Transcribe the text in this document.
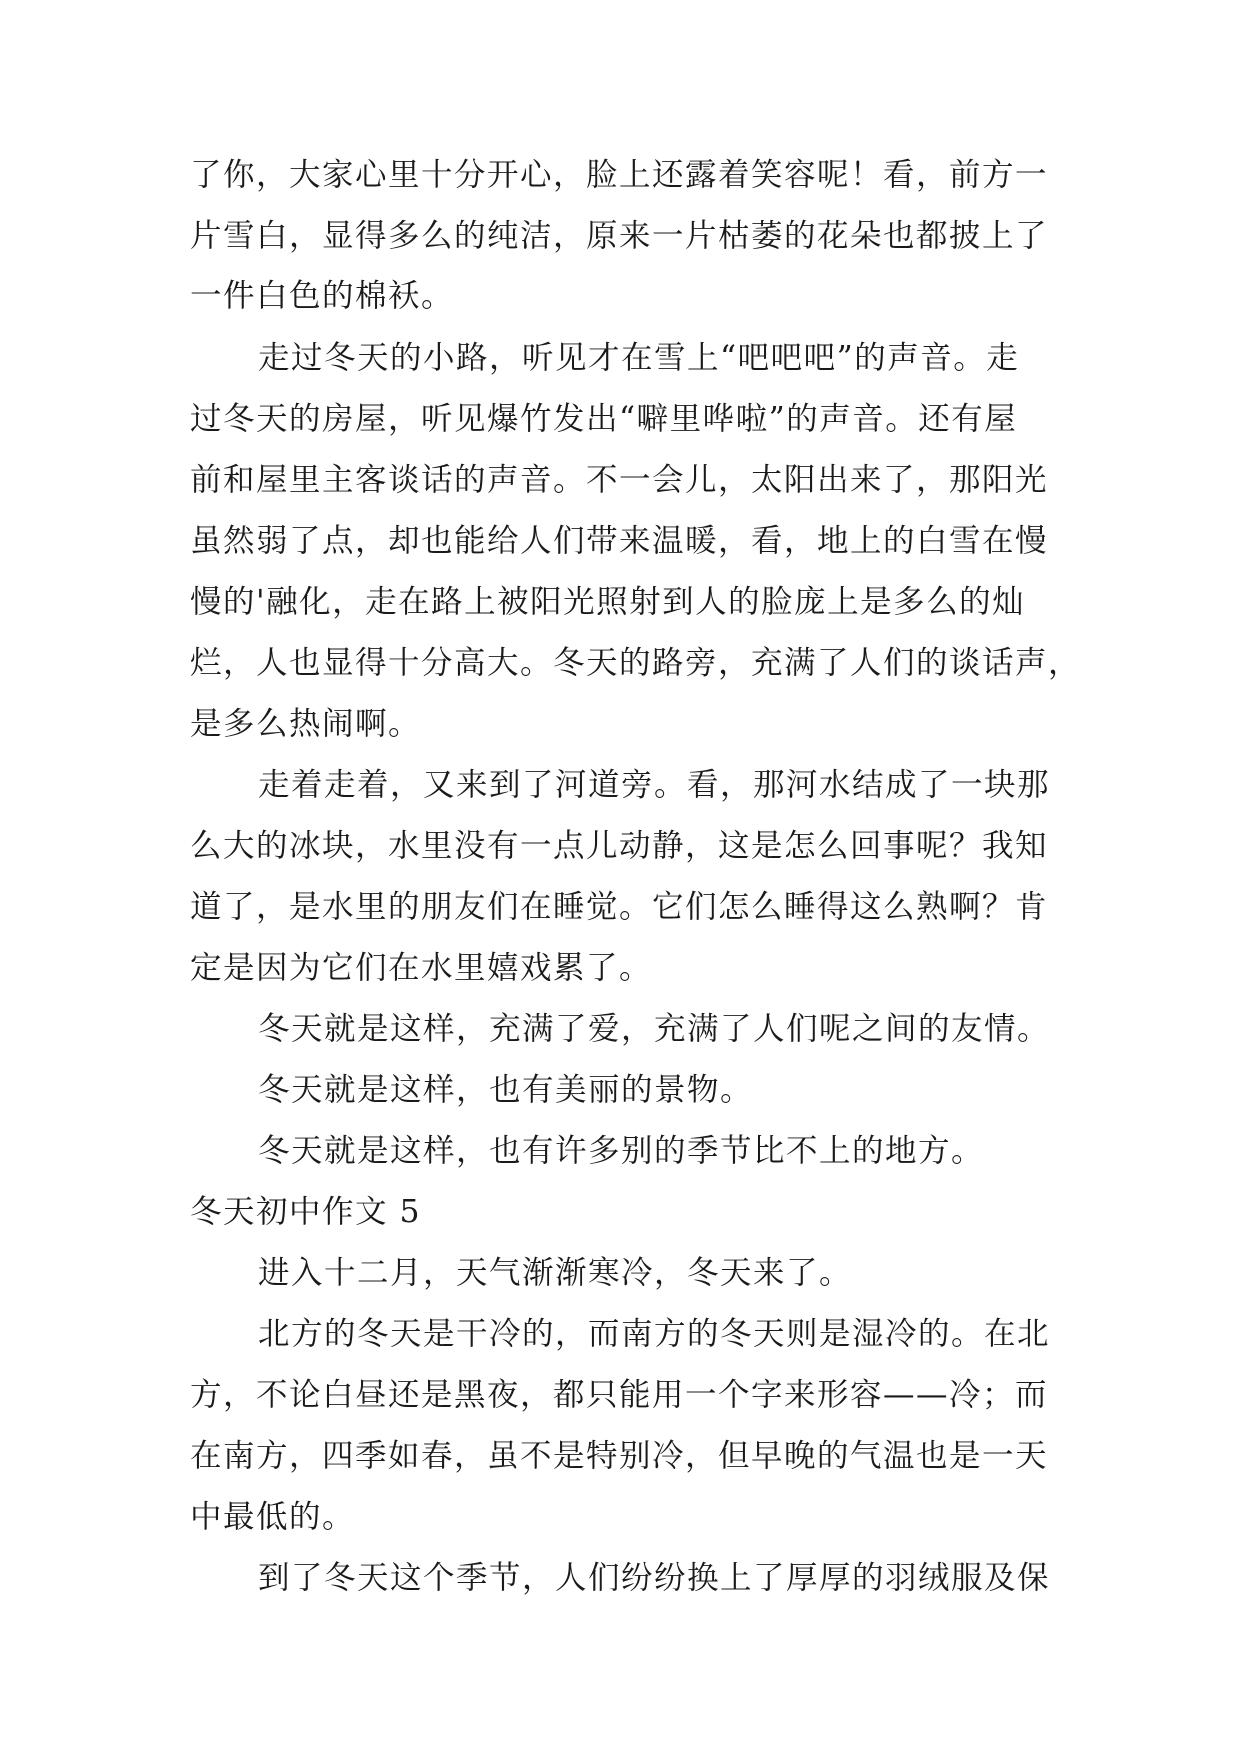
了你，大家心里十分开心，脸上还露着笑容呢！看，前方一
片雪白，显得多么的纯洁，原来一片枯萎的花朵也都披上了
一件白色的棉袄。
走过冬天的小路，听见才在雪上“吧吧吧”的声音。走
过冬天的房屋，听见爆竹发出“噼里哗啦”的声音。还有屋
前和屋里主客谈话的声音。不一会儿，太阳出来了，那阳光
虽然弱了点，却也能给人们带来温暖，看，地上的白雪在慢
慢的'融化，走在路上被阳光照射到人的脸庞上是多么的灿
烂，人也显得十分高大。冬天的路旁，充满了人们的谈话声，
是多么热闹啊。
走着走着，又来到了河道旁。看，那河水结成了一块那
么大的冰块，水里没有一点儿动静，这是怎么回事呢？我知
道了，是水里的朋友们在睡觉。它们怎么睡得这么熟啊？肯
定是因为它们在水里嬉戏累了。
冬天就是这样，充满了爱，充满了人们呢之间的友情。
冬天就是这样，也有美丽的景物。
冬天就是这样，也有许多别的季节比不上的地方。
冬天初中作文 5
进入十二月，天气渐渐寒冷，冬天来了。
北方的冬天是干冷的，而南方的冬天则是湿冷的。在北
方，不论白昼还是黑夜，都只能用一个字来形容——冷；而
在南方，四季如春，虽不是特别冷，但早晚的气温也是一天
中最低的。
到了冬天这个季节，人们纷纷换上了厚厚的羽绒服及保
